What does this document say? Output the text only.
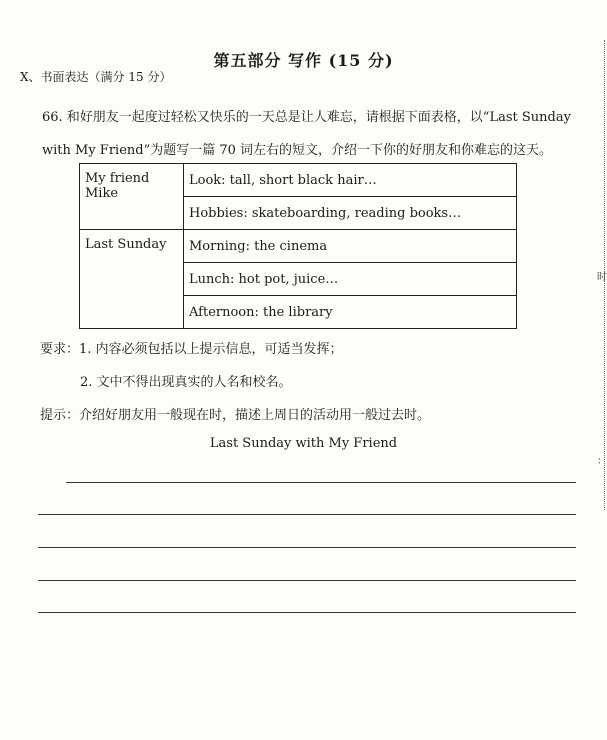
第五部分 写作 (15 分)
X、书面表达（满分 15 分）
66. 和好朋友一起度过轻松又快乐的一天总是让人难忘，请根据下面表格，以“Last Sunday
with My Friend”为题写一篇 70 词左右的短文，介绍一下你的好朋友和你难忘的这天。
My friend Mike	Look: tall, short black hair…
	Hobbies: skateboarding, reading books…
Last Sunday	Morning: the cinema
	Lunch: hot pot, juice…
	Afternoon: the library
要求：1. 内容必须包括以上提示信息，可适当发挥；
2. 文中不得出现真实的人名和校名。
提示：介绍好朋友用一般现在时，描述上周日的活动用一般过去时。
Last Sunday with My Friend
时
：
